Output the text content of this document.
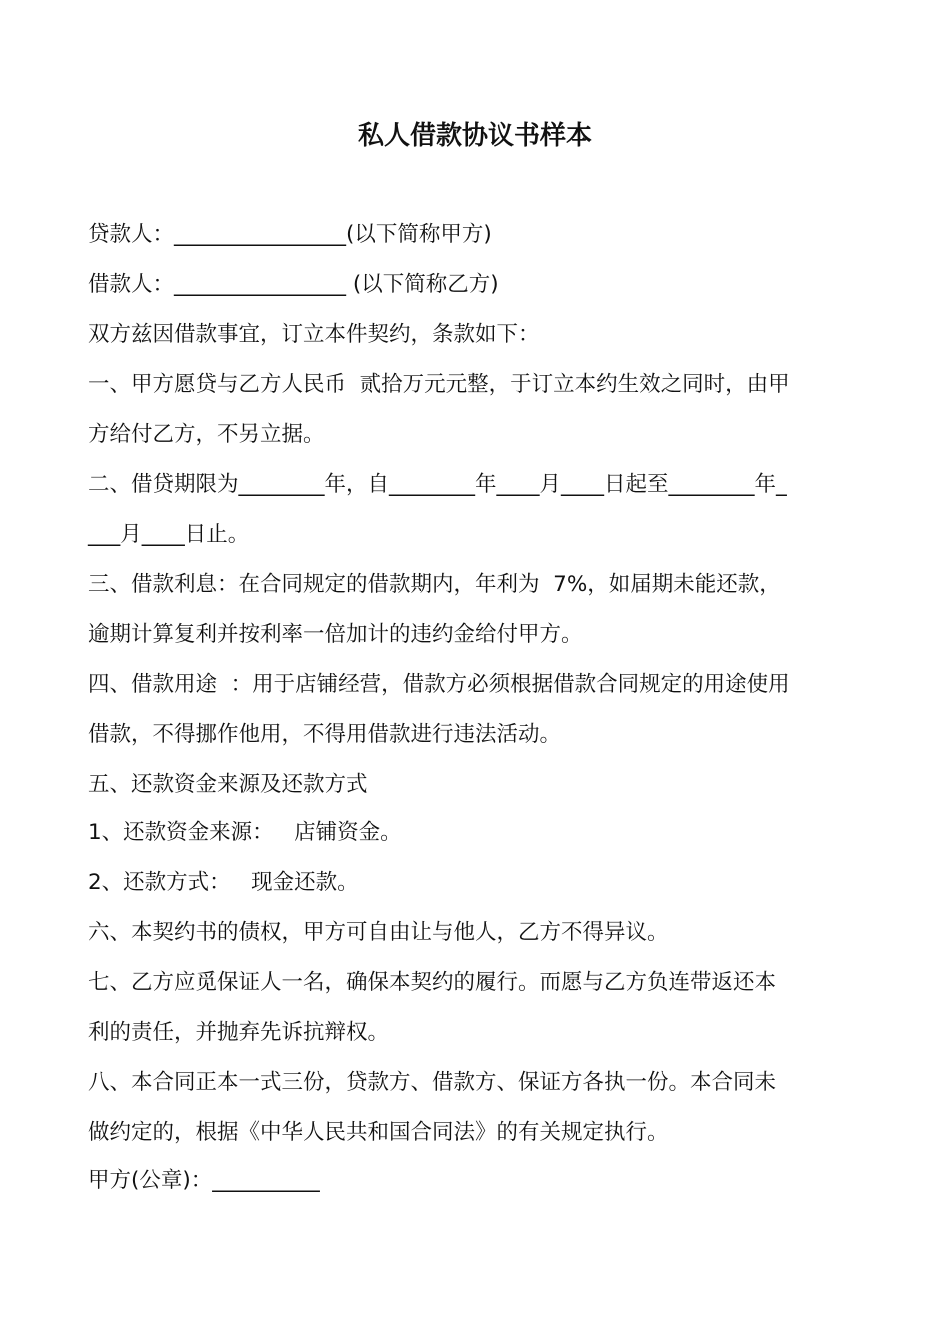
私人借款协议书样本
贷款人：________________(以下简称甲方)
借款人：________________ (以下简称乙方)
双方兹因借款事宜，订立本件契约，条款如下：
一、甲方愿贷与乙方人民币  贰拾万元元整，于订立本约生效之同时，由甲
方给付乙方，不另立据。
二、借贷期限为________年，自________年____月____日起至________年_
___月____日止。
三、借款利息：在合同规定的借款期内，年利为  7%，如届期未能还款，
逾期计算复利并按利率一倍加计的违约金给付甲方。
四、借款用途  ：用于店铺经营，借款方必须根据借款合同规定的用途使用
借款，不得挪作他用，不得用借款进行违法活动。
五、还款资金来源及还款方式
1、还款资金来源：   店铺资金。
2、还款方式：   现金还款。
六、本契约书的债权，甲方可自由让与他人，乙方不得异议。
七、乙方应觅保证人一名，确保本契约的履行。而愿与乙方负连带返还本
利的责任，并抛弃先诉抗辩权。
八、本合同正本一式三份，贷款方、借款方、保证方各执一份。本合同未
做约定的，根据《中华人民共和国合同法》的有关规定执行。
甲方(公章)：__________
